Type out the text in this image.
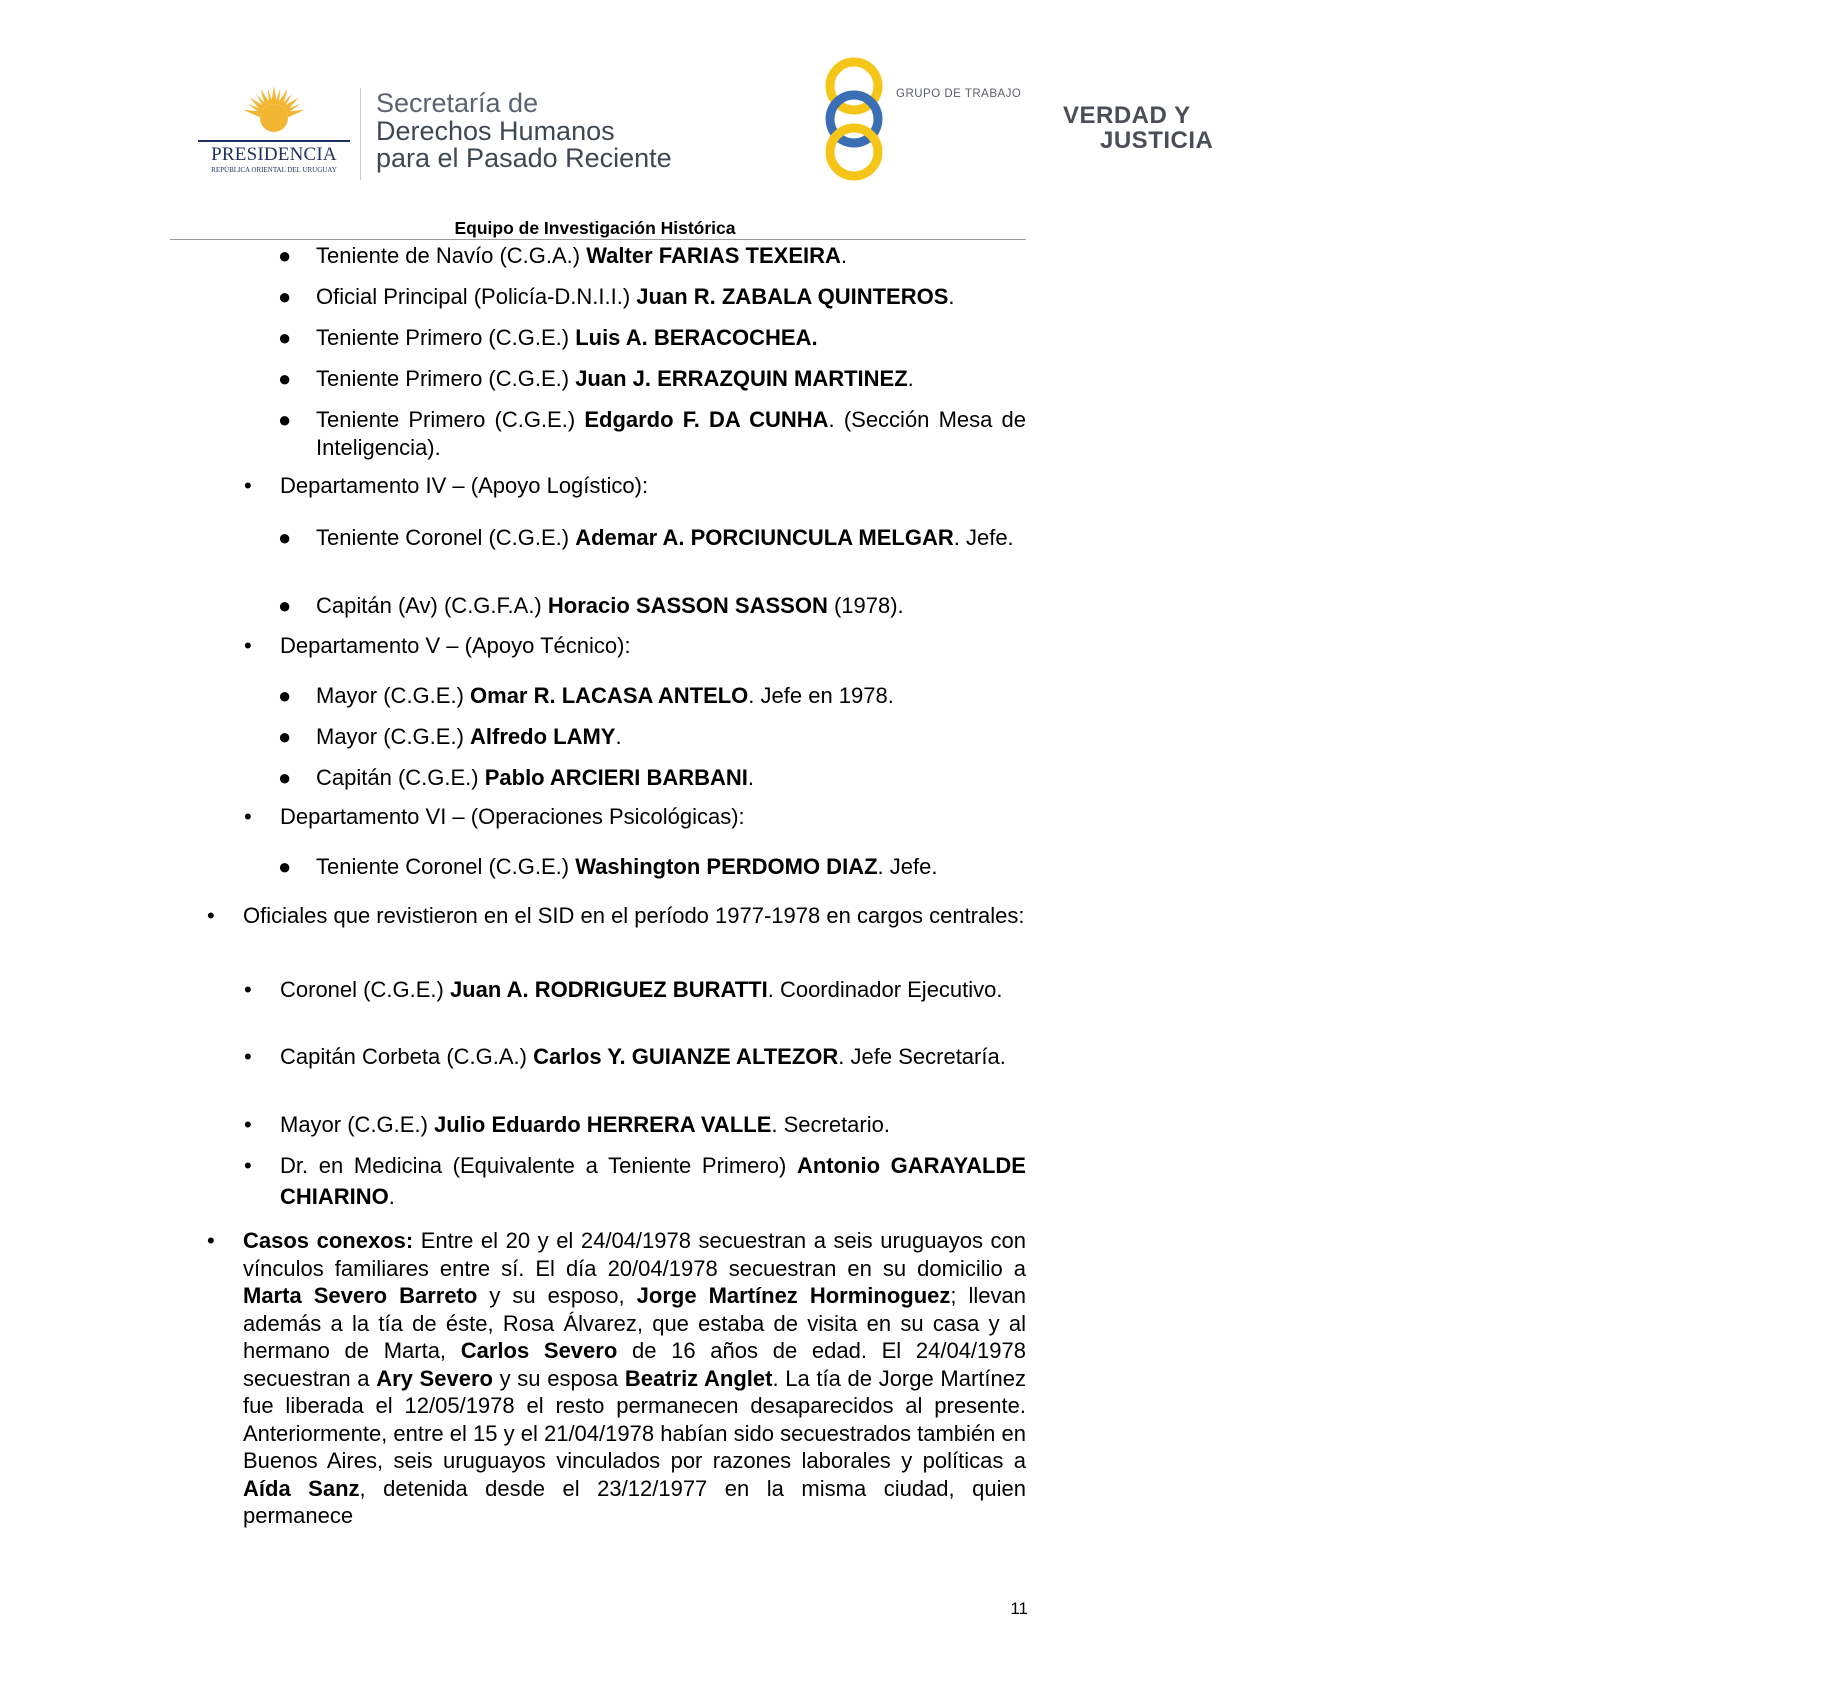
PRESIDENCIA
REPÚBLICA ORIENTAL DEL URUGUAY
Secretaría de
Derechos Humanos
para el Pasado Reciente
GRUPO DE TRABAJO
VERDAD Y
JUSTICIA
Equipo de Investigación Histórica
● Teniente de Navío (C.G.A.) Walter FARIAS TEXEIRA.
● Oficial Principal (Policía-D.N.I.I.) Juan R. ZABALA QUINTEROS.
● Teniente Primero (C.G.E.) Luis A. BERACOCHEA.
● Teniente Primero (C.G.E.) Juan J. ERRAZQUIN MARTINEZ.
● Teniente Primero (C.G.E.) Edgardo F. DA CUNHA. (Sección Mesa de Inteligencia).
• Departamento IV – (Apoyo Logístico):
● Teniente Coronel (C.G.E.) Ademar A. PORCIUNCULA MELGAR. Jefe.
● Capitán (Av) (C.G.F.A.) Horacio SASSON SASSON (1978).
• Departamento V – (Apoyo Técnico):
● Mayor (C.G.E.) Omar R. LACASA ANTELO. Jefe en 1978.
● Mayor (C.G.E.) Alfredo LAMY.
● Capitán (C.G.E.) Pablo ARCIERI BARBANI.
• Departamento VI – (Operaciones Psicológicas):
● Teniente Coronel (C.G.E.) Washington PERDOMO DIAZ. Jefe.
• Oficiales que revistieron en el SID en el período 1977-1978 en cargos centrales:
• Coronel (C.G.E.) Juan A. RODRIGUEZ BURATTI. Coordinador Ejecutivo.
• Capitán Corbeta (C.G.A.) Carlos Y. GUIANZE ALTEZOR. Jefe Secretaría.
• Mayor (C.G.E.) Julio Eduardo HERRERA VALLE. Secretario.
• Dr. en Medicina (Equivalente a Teniente Primero) Antonio GARAYALDE CHIARINO.
• Casos conexos: Entre el 20 y el 24/04/1978 secuestran a seis uruguayos con vínculos familiares entre sí. El día 20/04/1978 secuestran en su domicilio a Marta Severo Barreto y su esposo, Jorge Martínez Horminoguez; llevan además a la tía de éste, Rosa Álvarez, que estaba de visita en su casa y al hermano de Marta, Carlos Severo de 16 años de edad. El 24/04/1978 secuestran a Ary Severo y su esposa Beatriz Anglet. La tía de Jorge Martínez fue liberada el 12/05/1978 el resto permanecen desaparecidos al presente. Anteriormente, entre el 15 y el 21/04/1978 habían sido secuestrados también en Buenos Aires, seis uruguayos vinculados por razones laborales y políticas a Aída Sanz, detenida desde el 23/12/1977 en la misma ciudad, quien permanece
11
